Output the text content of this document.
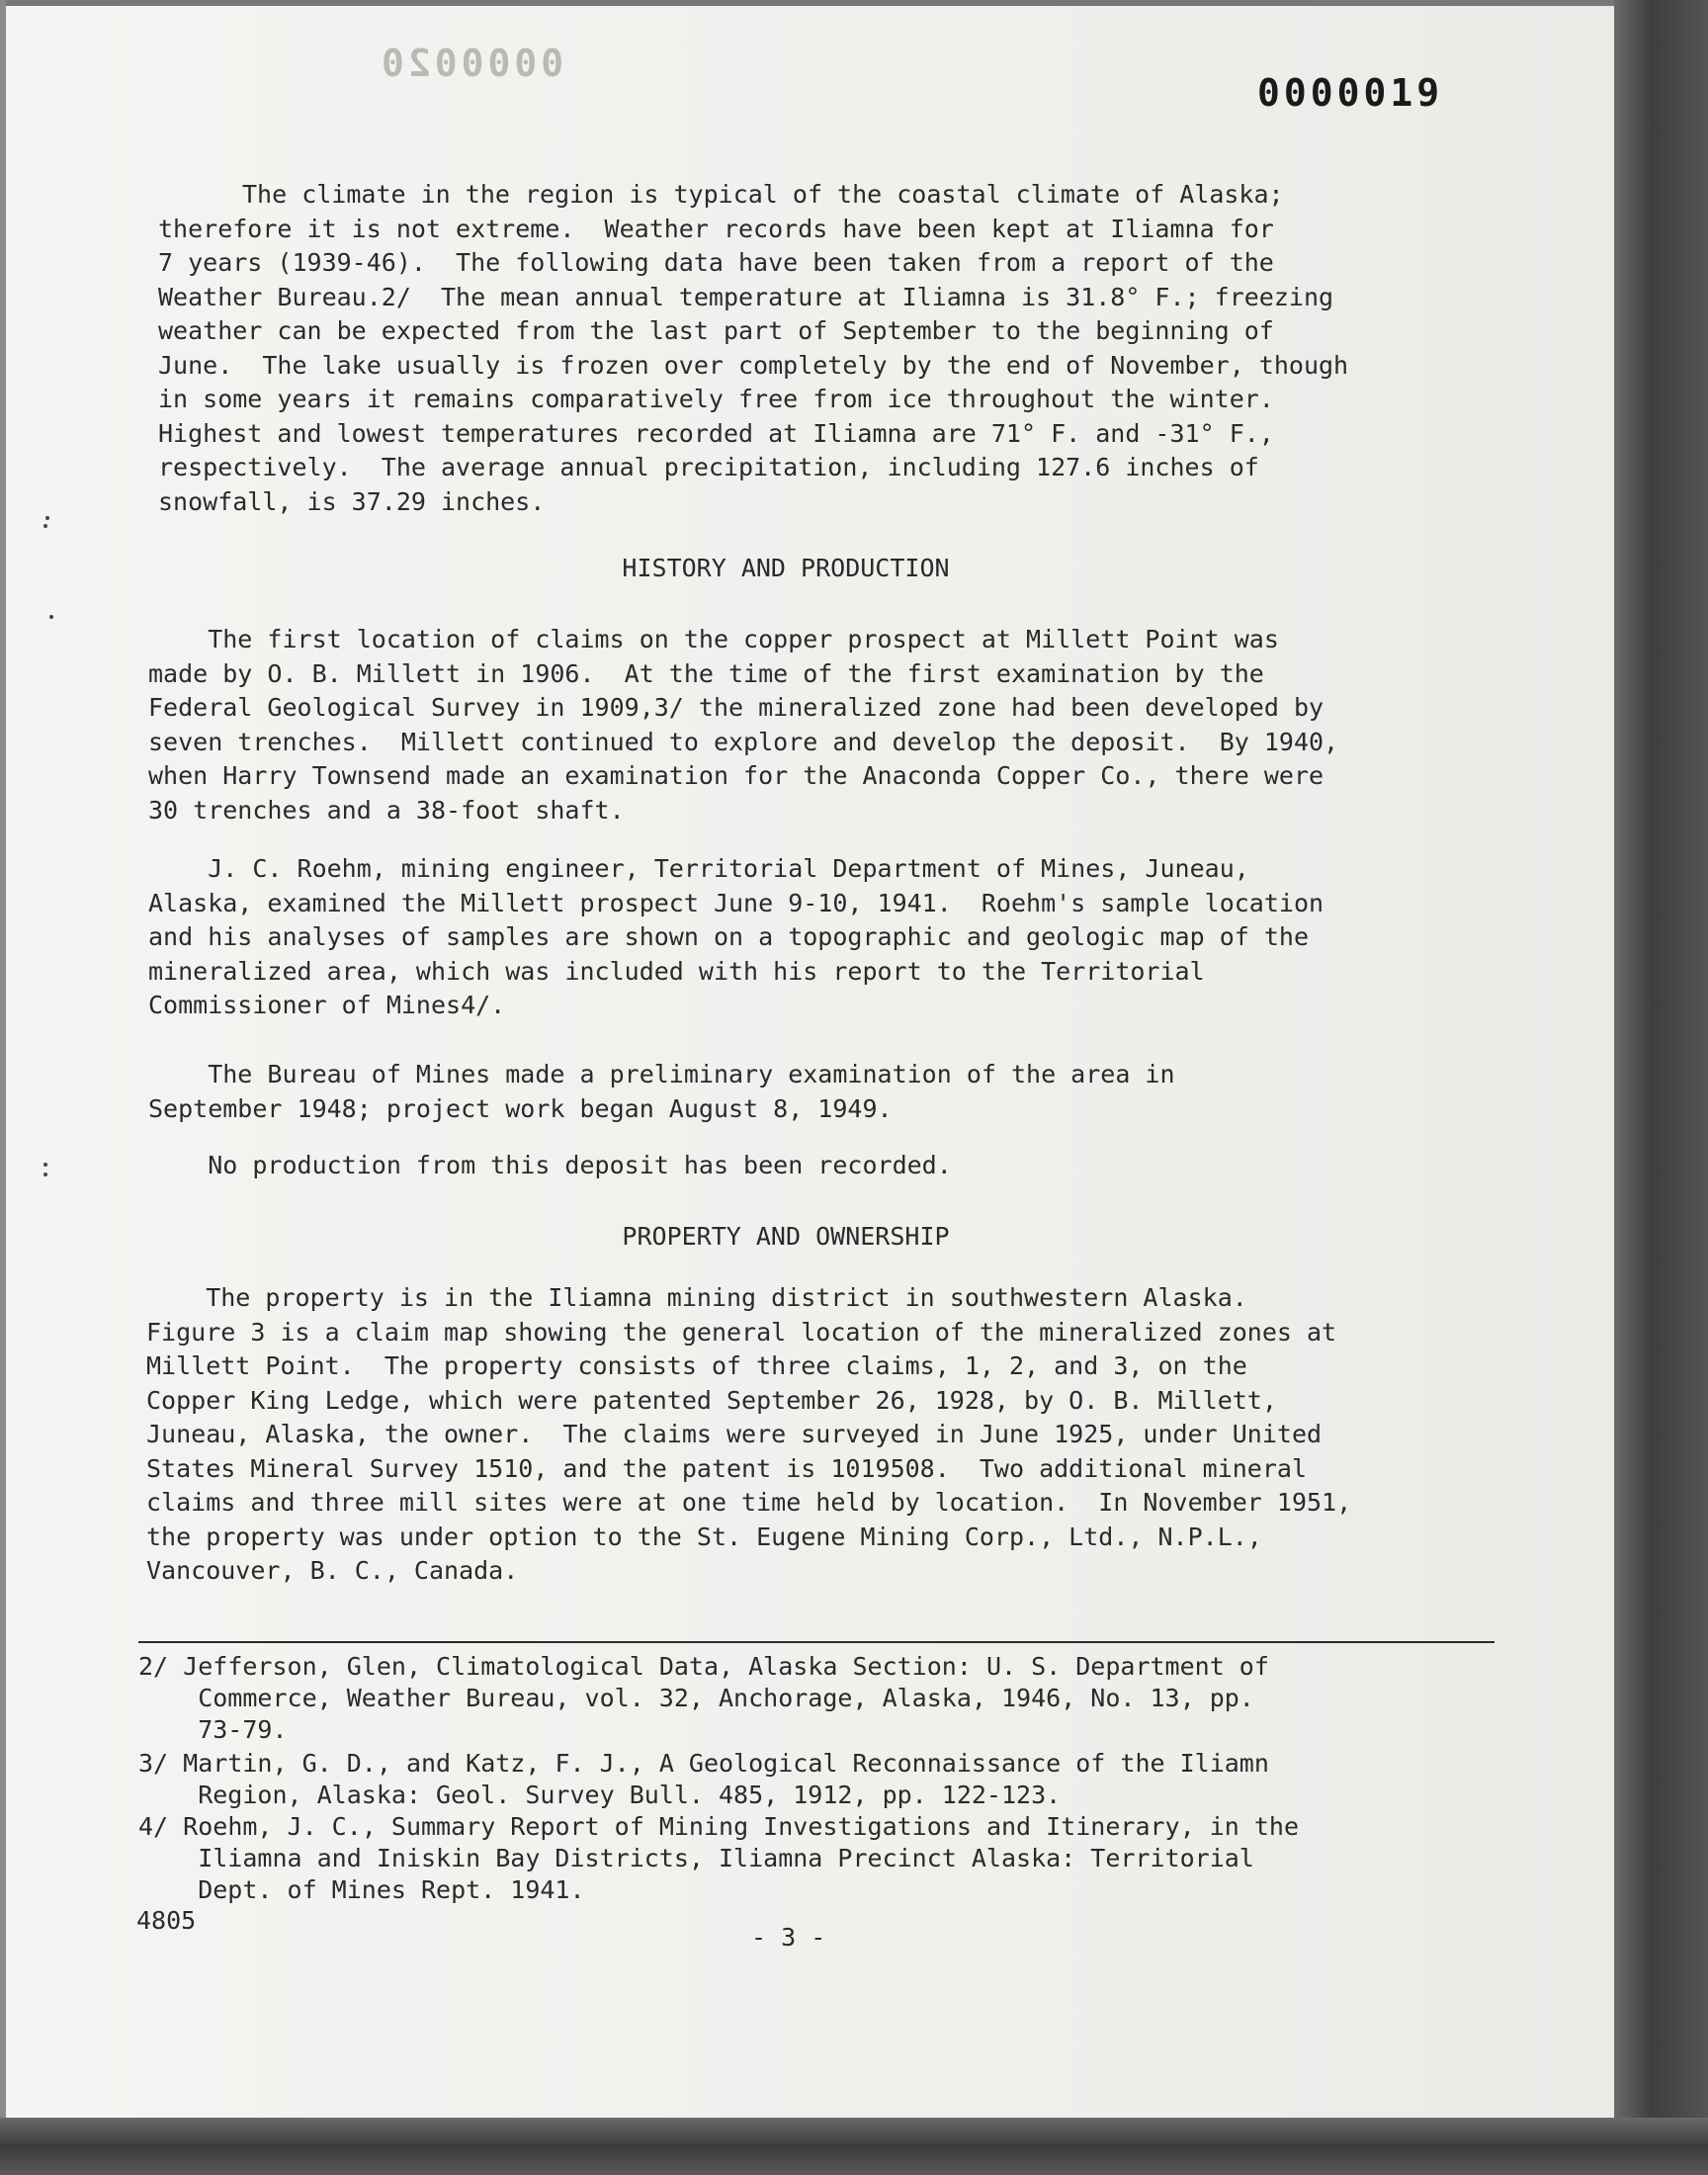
0000020
0000019
The climate in the region is typical of the coastal climate of Alaska;
therefore it is not extreme.  Weather records have been kept at Iliamna for
7 years (1939-46).  The following data have been taken from a report of the
Weather Bureau.2/  The mean annual temperature at Iliamna is 31.8° F.; freezing
weather can be expected from the last part of September to the beginning of
June.  The lake usually is frozen over completely by the end of November, though
in some years it remains comparatively free from ice throughout the winter.
Highest and lowest temperatures recorded at Iliamna are 71° F. and -31° F.,
respectively.  The average annual precipitation, including 127.6 inches of
snowfall, is 37.29 inches.
HISTORY AND PRODUCTION
The first location of claims on the copper prospect at Millett Point was
made by O. B. Millett in 1906.  At the time of the first examination by the
Federal Geological Survey in 1909,3/ the mineralized zone had been developed by
seven trenches.  Millett continued to explore and develop the deposit.  By 1940,
when Harry Townsend made an examination for the Anaconda Copper Co., there were
30 trenches and a 38-foot shaft.
J. C. Roehm, mining engineer, Territorial Department of Mines, Juneau,
Alaska, examined the Millett prospect June 9-10, 1941.  Roehm's sample location
and his analyses of samples are shown on a topographic and geologic map of the
mineralized area, which was included with his report to the Territorial
Commissioner of Mines4/.
The Bureau of Mines made a preliminary examination of the area in
September 1948; project work began August 8, 1949.
No production from this deposit has been recorded.
PROPERTY AND OWNERSHIP
The property is in the Iliamna mining district in southwestern Alaska.
Figure 3 is a claim map showing the general location of the mineralized zones at
Millett Point.  The property consists of three claims, 1, 2, and 3, on the
Copper King Ledge, which were patented September 26, 1928, by O. B. Millett,
Juneau, Alaska, the owner.  The claims were surveyed in June 1925, under United
States Mineral Survey 1510, and the patent is 1019508.  Two additional mineral
claims and three mill sites were at one time held by location.  In November 1951,
the property was under option to the St. Eugene Mining Corp., Ltd., N.P.L.,
Vancouver, B. C., Canada.
2/ Jefferson, Glen, Climatological Data, Alaska Section: U. S. Department of
Commerce, Weather Bureau, vol. 32, Anchorage, Alaska, 1946, No. 13, pp.
73-79.
3/ Martin, G. D., and Katz, F. J., A Geological Reconnaissance of the Iliamn
Region, Alaska: Geol. Survey Bull. 485, 1912, pp. 122-123.
4/ Roehm, J. C., Summary Report of Mining Investigations and Itinerary, in the
Iliamna and Iniskin Bay Districts, Iliamna Precinct Alaska: Territorial
Dept. of Mines Rept. 1941.
4805
- 3 -
